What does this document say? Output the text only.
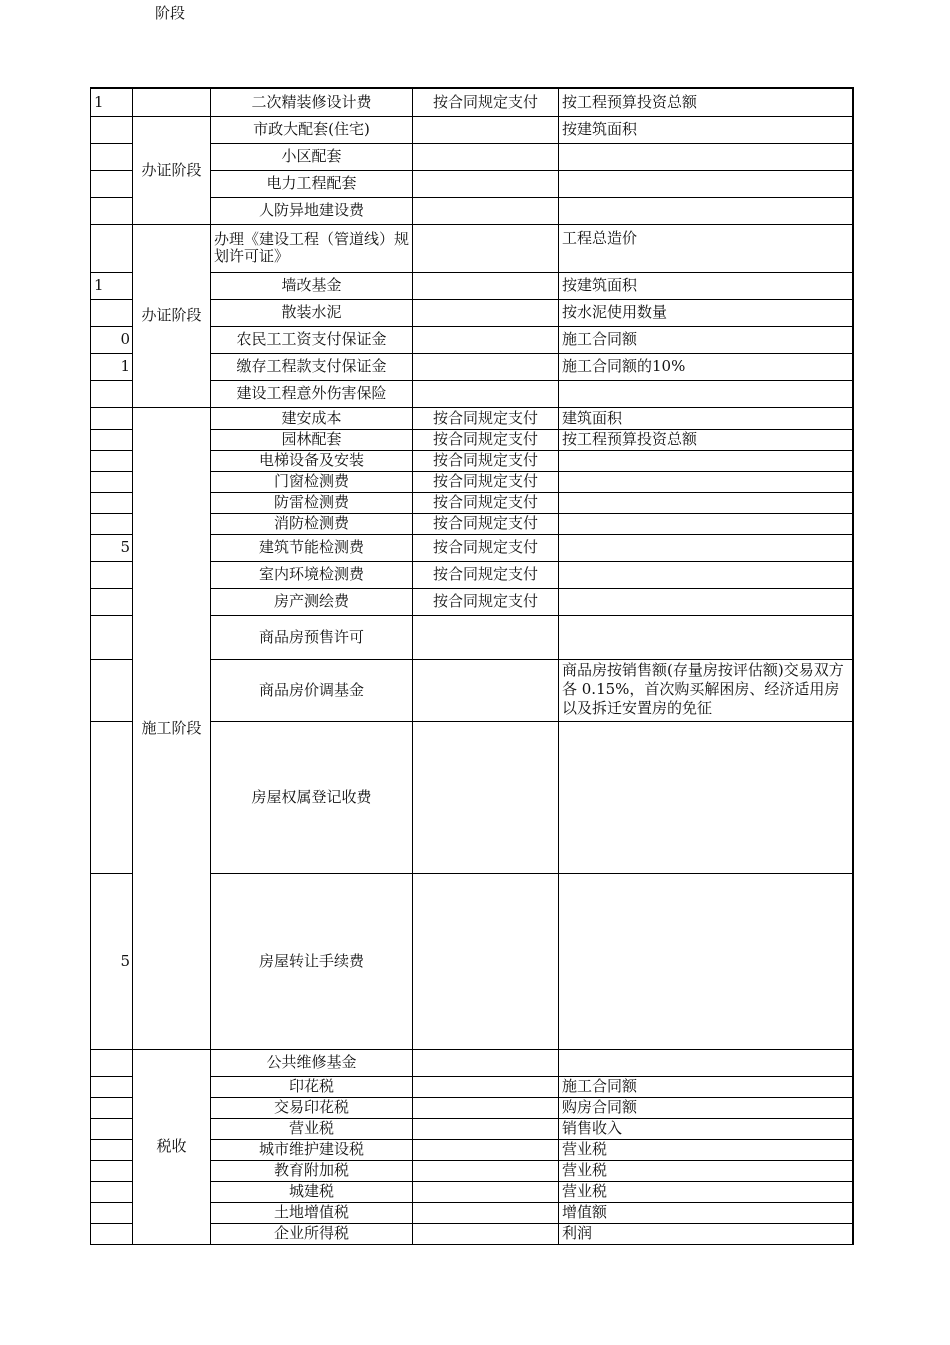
阶段
1		二次精装修设计费	按合同规定支付	按工程预算投资总额
	办证阶段	市政大配套(住宅)		按建筑面积
		小区配套		
		电力工程配套		
		人防异地建设费		
	办证阶段	办理《建设工程（管道线）规划许可证》		工程总造价
1		墙改基金		按建筑面积
		散装水泥		按水泥使用数量
0		农民工工资支付保证金		施工合同额
1		缴存工程款支付保证金		施工合同额的10%
		建设工程意外伤害保险		
	施工阶段	建安成本	按合同规定支付	建筑面积
		园林配套	按合同规定支付	按工程预算投资总额
		电梯设备及安装	按合同规定支付	
		门窗检测费	按合同规定支付	
		防雷检测费	按合同规定支付	
		消防检测费	按合同规定支付	
5		建筑节能检测费	按合同规定支付	
		室内环境检测费	按合同规定支付	
		房产测绘费	按合同规定支付	
		商品房预售许可		
		商品房价调基金		商品房按销售额(存量房按评估额)交易双方各 0.15%，首次购买解困房、经济适用房以及拆迁安置房的免征

		房屋权属登记收费		
5		房屋转让手续费		
	税收	公共维修基金		
		印花税		施工合同额
		交易印花税		购房合同额
		营业税		销售收入
		城市维护建设税		营业税
		教育附加税		营业税
		城建税		营业税
		土地增值税		增值额
		企业所得税		利润
